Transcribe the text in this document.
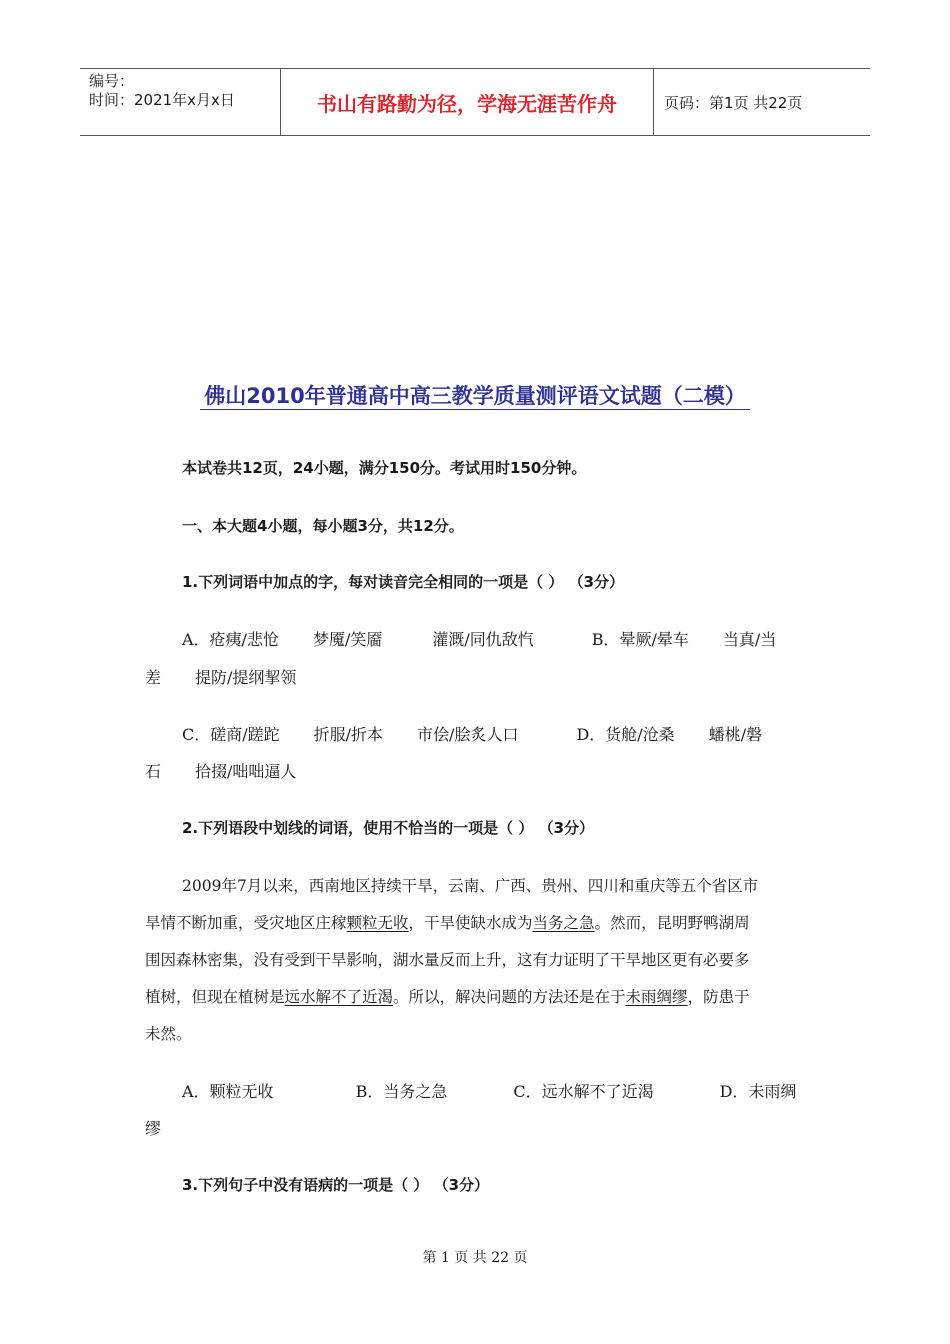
编号：
时间：2021年x月x日	书山有路勤为径，学海无涯苦作舟	页码：第1页 共22页
佛山2010年普通高中高三教学质量测评语文试题（二模）
本试卷共12页，24小题，满分150分。考试用时150分钟。
一、本大题4小题，每小题3分，共12分。
1.下列词语中加点的字，每对读音完全相同的一项是（ ） （3分）
A．疮痍/悲怆 梦魇/笑靥	灌溉/同仇敌忾	B．晕厥/晕车 当真/当
差 提防/提纲挈领
C．磋商/蹉跎 折服/折本 市侩/脍炙人口	D．货舱/沧桑 蟠桃/磐
石 拾掇/咄咄逼人
2.下列语段中划线的词语，使用不恰当的一项是（ ） （3分）
2009年7月以来，西南地区持续干旱，云南、广西、贵州、四川和重庆等五个省区市
旱情不断加重，受灾地区庄稼颗粒无收，干旱使缺水成为当务之急。然而，昆明野鸭湖周
围因森林密集，没有受到干旱影响，湖水量反而上升，这有力证明了干旱地区更有必要多
植树，但现在植树是远水解不了近渴。所以，解决问题的方法还是在于未雨绸缪，防患于
未然。
A．颗粒无收	B．当务之急	C．远水解不了近渴	D．未雨绸
缪
3.下列句子中没有语病的一项是（ ） （3分）
第 1 页 共 22 页
